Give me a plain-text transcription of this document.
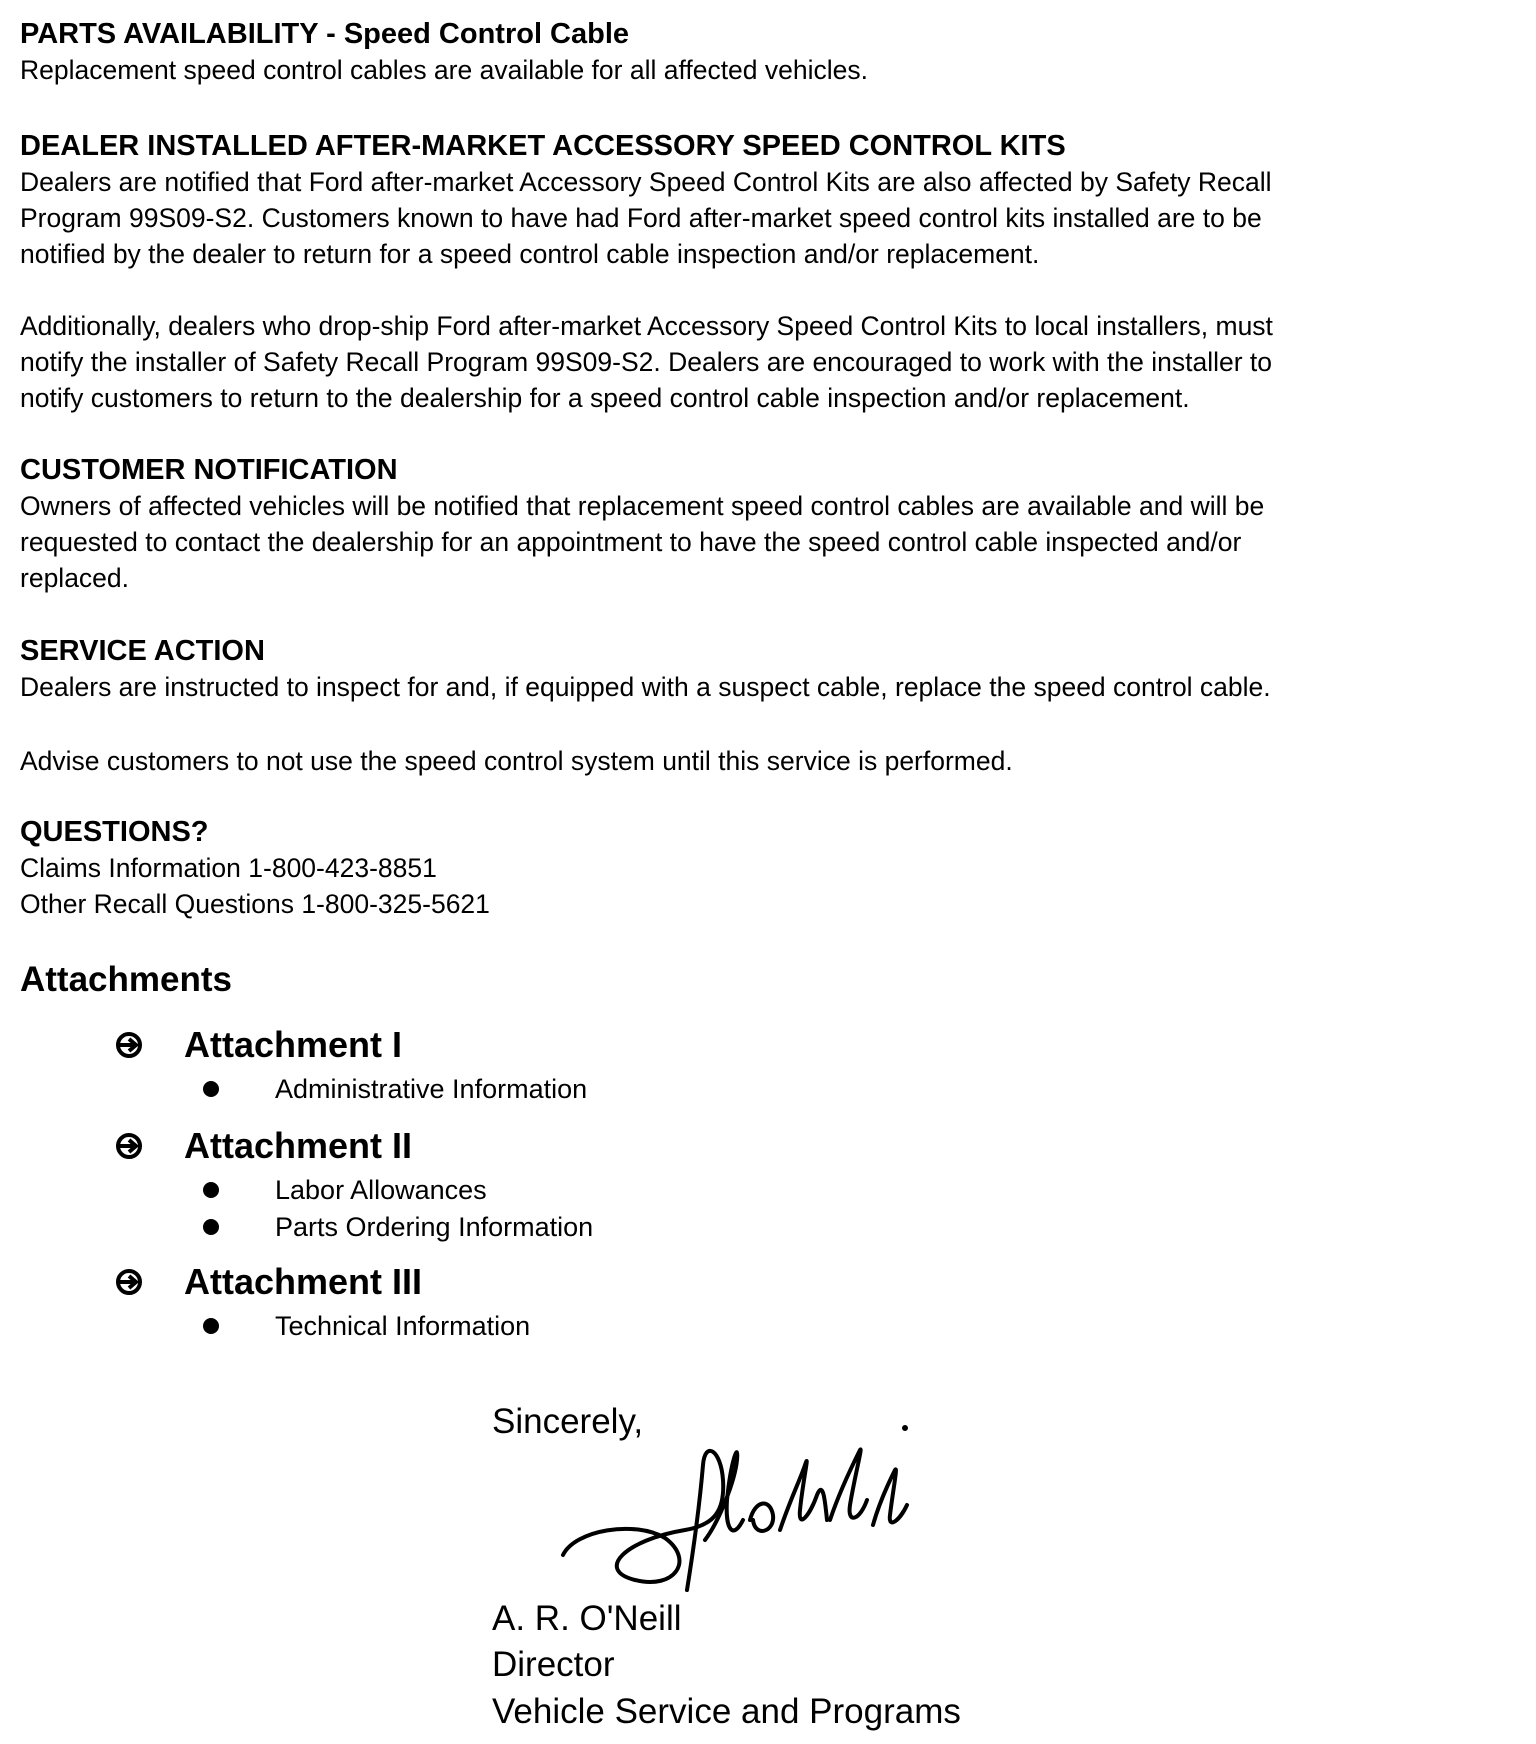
PARTS AVAILABILITY - Speed Control Cable

Replacement speed control cables are available for all affected vehicles.

DEALER INSTALLED AFTER-MARKET ACCESSORY SPEED CONTROL KITS

Dealers are notified that Ford after-market Accessory Speed Control Kits are also affected by Safety Recall

Program 99S09-S2. Customers known to have had Ford after-market speed control kits installed are to be

notified by the dealer to return for a speed control cable inspection and/or replacement.

Additionally, dealers who drop-ship Ford after-market Accessory Speed Control Kits to local installers, must

notify the installer of Safety Recall Program 99S09-S2. Dealers are encouraged to work with the installer to

notify customers to return to the dealership for a speed control cable inspection and/or replacement.

CUSTOMER NOTIFICATION

Owners of affected vehicles will be notified that replacement speed control cables are available and will be

requested to contact the dealership for an appointment to have the speed control cable inspected and/or

replaced.

SERVICE ACTION

Dealers are instructed to inspect for and, if equipped with a suspect cable, replace the speed control cable.

Advise customers to not use the speed control system until this service is performed.

QUESTIONS?

Claims Information 1-800-423-8851

Other Recall Questions 1-800-325-5621

Attachments

Attachment I
Administrative Information
Attachment II
Labor Allowances
Parts Ordering Information
Attachment III
Technical Information
Sincerely,
A. R. O'Neill
Director
Vehicle Service and Programs
